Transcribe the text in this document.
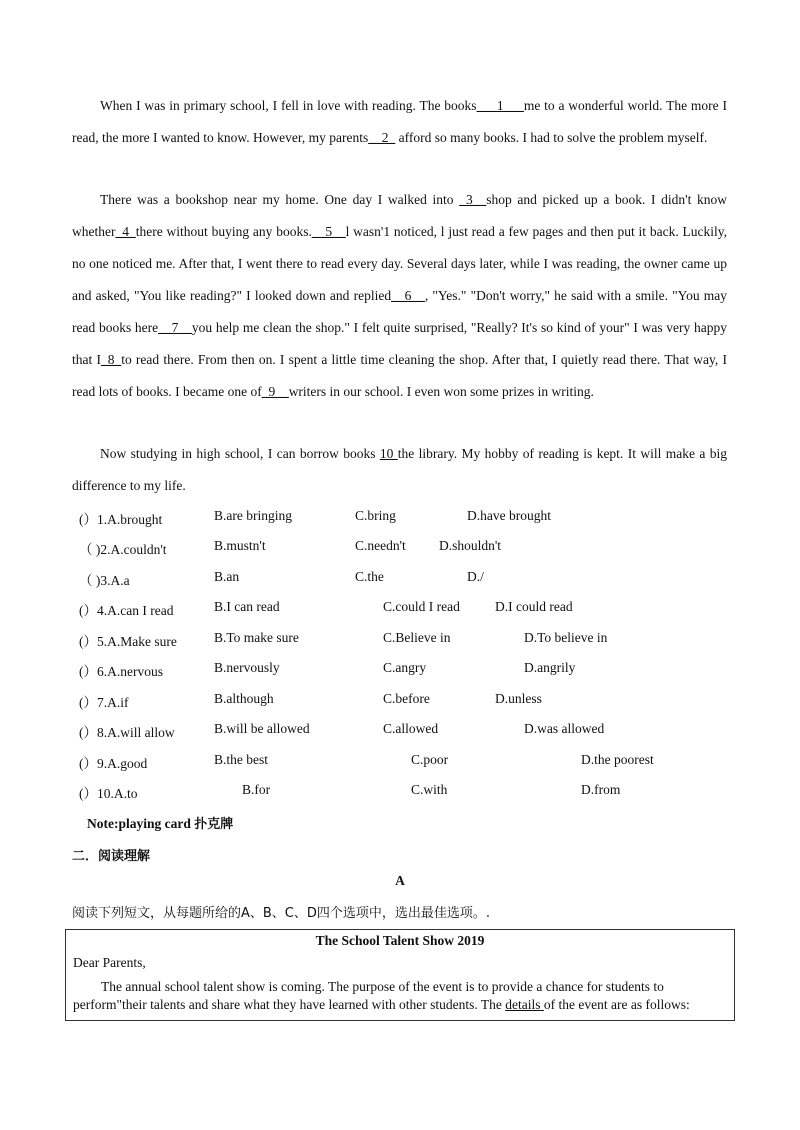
When I was in primary school, I fell in love with reading. The books___1___me to a wonderful world. The more I read, the more I wanted to know. However, my parents__2_ afford so many books. I had to solve the problem myself.

There was a bookshop near my home. One day I walked into _3__shop and picked up a book. I didn't know whether_4_there without buying any books.__5__l wasn'1 noticed, l just read a few pages and then put it back. Luckily, no one noticed me. After that, I went there to read every day. Several days later, while I was reading, the owner came up and asked, "You like reading?" I looked down and replied__6__, "Yes." "Don't worry," he said with a smile. "You may read books here__7__you help me clean the shop." I felt quite surprised, "Really? It's so kind of your" I was very happy that I_8_to read there. From then on. I spent a little time cleaning the shop. After that, I quietly read there. That way, I read lots of books. I became one of_9__writers in our school. I even won some prizes in writing.

Now studying in high school, I can borrow books 10 the library. My hobby of reading is kept. It will make a big difference to my life.

(）1.A.brought	B.are bringing	C.bring	D.have brought
（ )2.A.couldn't	B.mustn't	C.needn't D.shouldn't
（ )3.A.a	B.an	C.the	D./
(）4.A.can I read	B.I can read	C.could I read	D.I could read
(）5.A.Make sure	B.To make sure	C.Believe in	D.To believe in
(）6.A.nervous	B.nervously	C.angry	D.angrily
(）7.A.if	B.although	C.before	D.unless
(）8.A.will allow	B.will be allowed	C.allowed	D.was allowed
(）9.A.good	B.the best	C.poor	D.the poorest
(）10.A.to	B.for	C.with	D.from
Note:playing card 扑克牌
二．阅读理解
A
阅读下列短文，从每题所给的A、B、C、D四个选项中，选出最佳选项。.
The School Talent Show 2019
Dear Parents,
The annual school talent show is coming. The purpose of the event is to provide a chance for students to
perform"their talents and share what they have learned with other students. The details of the event are as follows:
